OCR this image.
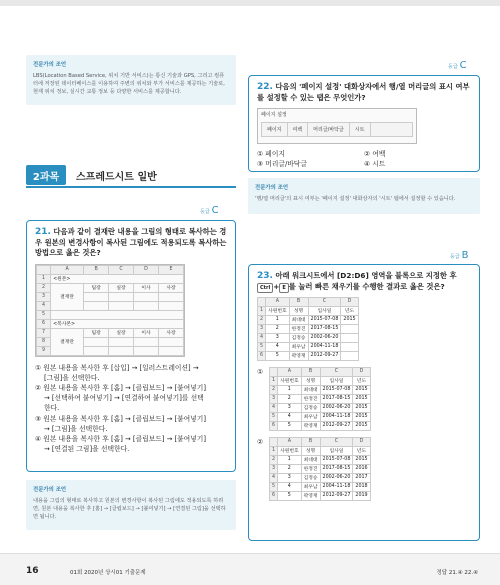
전문가의 조언
LBS(Location Based Service, 위치 기반 서비스)는 통신 기술과 GPS, 그리고 컴퓨터에 저장된 데이터베이스를 이용하여 주변의 위치와 부가 서비스를 제공하는 기술로, 현재 위치 정보, 실시간 교통 정보 등 다양한 서비스를 제공합니다.
2과목	스프레드시트 일반
등급 C
21. 다음과 같이 결재란 내용을 그림의 형태로 복사하는 경우 원본의 변경사항이 복사된 그림에도 적용되도록 복사하는 방법으로 옳은 것은?
	A	B	C	D	E
1	<원본>				
2	결재란	팀장	실장	이사	사장
3					
4					
5					
6	<복사본>				
7	결재란	팀장	실장	이사	사장
8					
9					
① 원본 내용을 복사한 후 [삽입] → [일러스트레이션] →
[그림]을 선택한다.
② 원본 내용을 복사한 후 [홈] → [클립보드] → [붙여넣기]
→ [선택하여 붙여넣기] → [연결하여 붙여넣기]를 선택
한다.
③ 원본 내용을 복사한 후 [홈] → [클립보드] → [붙여넣기]
→ [그림]을 선택한다.
④ 원본 내용을 복사한 후 [홈] → [클립보드] → [붙여넣기]
→ [연결된 그림]을 선택한다.
전문가의 조언
내용을 그림의 형태로 복사하고 원본의 변경사항이 복사된 그림에도 적용되도록 하려면, 원본 내용을 복사한 후 [홈] → [클립보드] → [붙여넣기] → [연결된 그림]을 선택하면 됩니다.
등급 C
22. 다음의 '페이지 설정' 대화상자에서 행/열 머리글의 표시 여부를 설정할 수 있는 탭은 무엇인가?
페이지 설정
페이지	여백	머리글/바닥글	시트
① 페이지	② 여백
③ 머리글/바닥글	④ 시트
전문가의 조언
'행/열 머리글'의 표시 여부는 '페이지 설정' 대화상자의 '시트' 탭에서 설정할 수 있습니다.
등급 B
23. 아래 워크시트에서 [D2:D6] 영역을 블록으로 지정한 후 Ctrl + E 를 눌러 빠른 채우기를 수행한 결과로 옳은 것은?
	A	B	C	D
1	사원번호	성명	입사일	년도
2	1	최대대	2015-07-08	2015
3	2	한정진	2017-08-15	
4	3	김정승	2002-06-20	
5	4	최우남	2004-11-18	
6	5	곽영재	2012-09-27	
①
		A	B	C	D
1	사원번호	성명	입사일	년도
2	1	최대대	2015-07-08	2015
3	2	한정진	2017-08-15	2015
4	3	김정승	2002-06-20	2015
5	4	최우남	2004-11-18	2015
6	5	곽영재	2012-09-27	2015
②
		A	B	C	D
1	사원번호	성명	입사일	년도
2	1	최대대	2015-07-08	2015
3	2	한정진	2017-08-15	2016
4	3	김정승	2002-06-20	2017
5	4	최우남	2004-11-18	2018
6	5	곽영재	2012-09-27	2019
16	01회 2020년 상시01 기출문제	정답 21.④ 22.④
